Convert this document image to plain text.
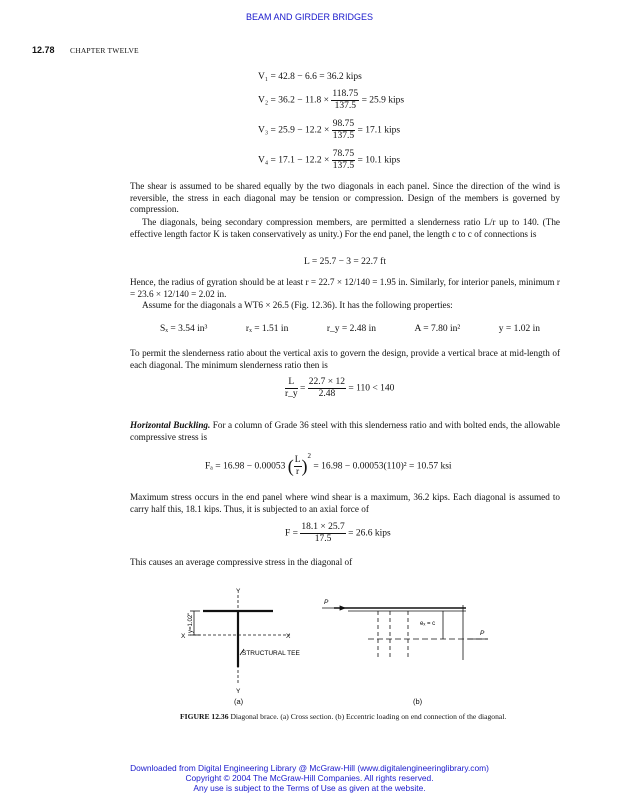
BEAM AND GIRDER BRIDGES
12.78 CHAPTER TWELVE
V₁ = 42.8 − 6.6 = 36.2 kips
$V_2 = 36.2 - 11.8 \times \frac{118.75}{137.5} = 25.9$ kips
$V_3 = 25.9 - 12.2 \times \frac{98.75}{137.5} = 17.1$ kips
$V_4 = 17.1 - 12.2 \times \frac{78.75}{137.5} = 10.1$ kips
The shear is assumed to be shared equally by the two diagonals in each panel. Since the direction of the wind is reversible, the stress in each diagonal may be tension or compression. Design of the members is governed by compression.
The diagonals, being secondary compression members, are permitted a slenderness ratio L/r up to 140. (The effective length factor K is taken conservatively as unity.) For the end panel, the length c to c of connections is
L = 25.7 − 3 = 22.7 ft
Hence, the radius of gyration should be at least r = 22.7 × 12/140 = 1.95 in. Similarly, for interior panels, minimum r = 23.6 × 12/140 = 2.02 in.
Assume for the diagonals a WT6 × 26.5 (Fig. 12.36). It has the following properties:
Sₓ = 3.54 in³	rₓ = 1.51 in	r_y = 2.48 in	A = 7.80 in²	y = 1.02 in
To permit the slenderness ratio about the vertical axis to govern the design, provide a vertical brace at mid-length of each diagonal. The minimum slenderness ratio then is
$\frac{L}{r\_y} = \frac{22.7 \times 12}{2.48} = 110 < 140$
Horizontal Buckling. For a column of Grade 36 steel with this slenderness ratio and with bolted ends, the allowable compressive stress is
Fₐ = 16.98 − 0.00053 ( $\frac{L}{r} )^2 = 16.98 - 0.00053(110)^2 = 10.57$ ksi
Maximum stress occurs in the end panel where wind shear is a maximum, 36.2 kips. Each diagonal is assumed to carry half this, 18.1 kips. Thus, it is subjected to an axial force of
$F = \frac{18.1 \times 25.7}{17.5} = 26.6$ kips
This causes an average compressive stress in the diagonal of
Y
Y
X	X
y=1.02"
STRUCTURAL TEE
P
P
eₓ = c
(a)	(b)
FIGURE 12.36 Diagonal brace. (a) Cross section. (b) Eccentric loading on end connection of the diagonal.
Downloaded from Digital Engineering Library @ McGraw-Hill (www.digitalengineeringlibrary.com)
Copyright © 2004 The McGraw-Hill Companies. All rights reserved.
Any use is subject to the Terms of Use as given at the website.
